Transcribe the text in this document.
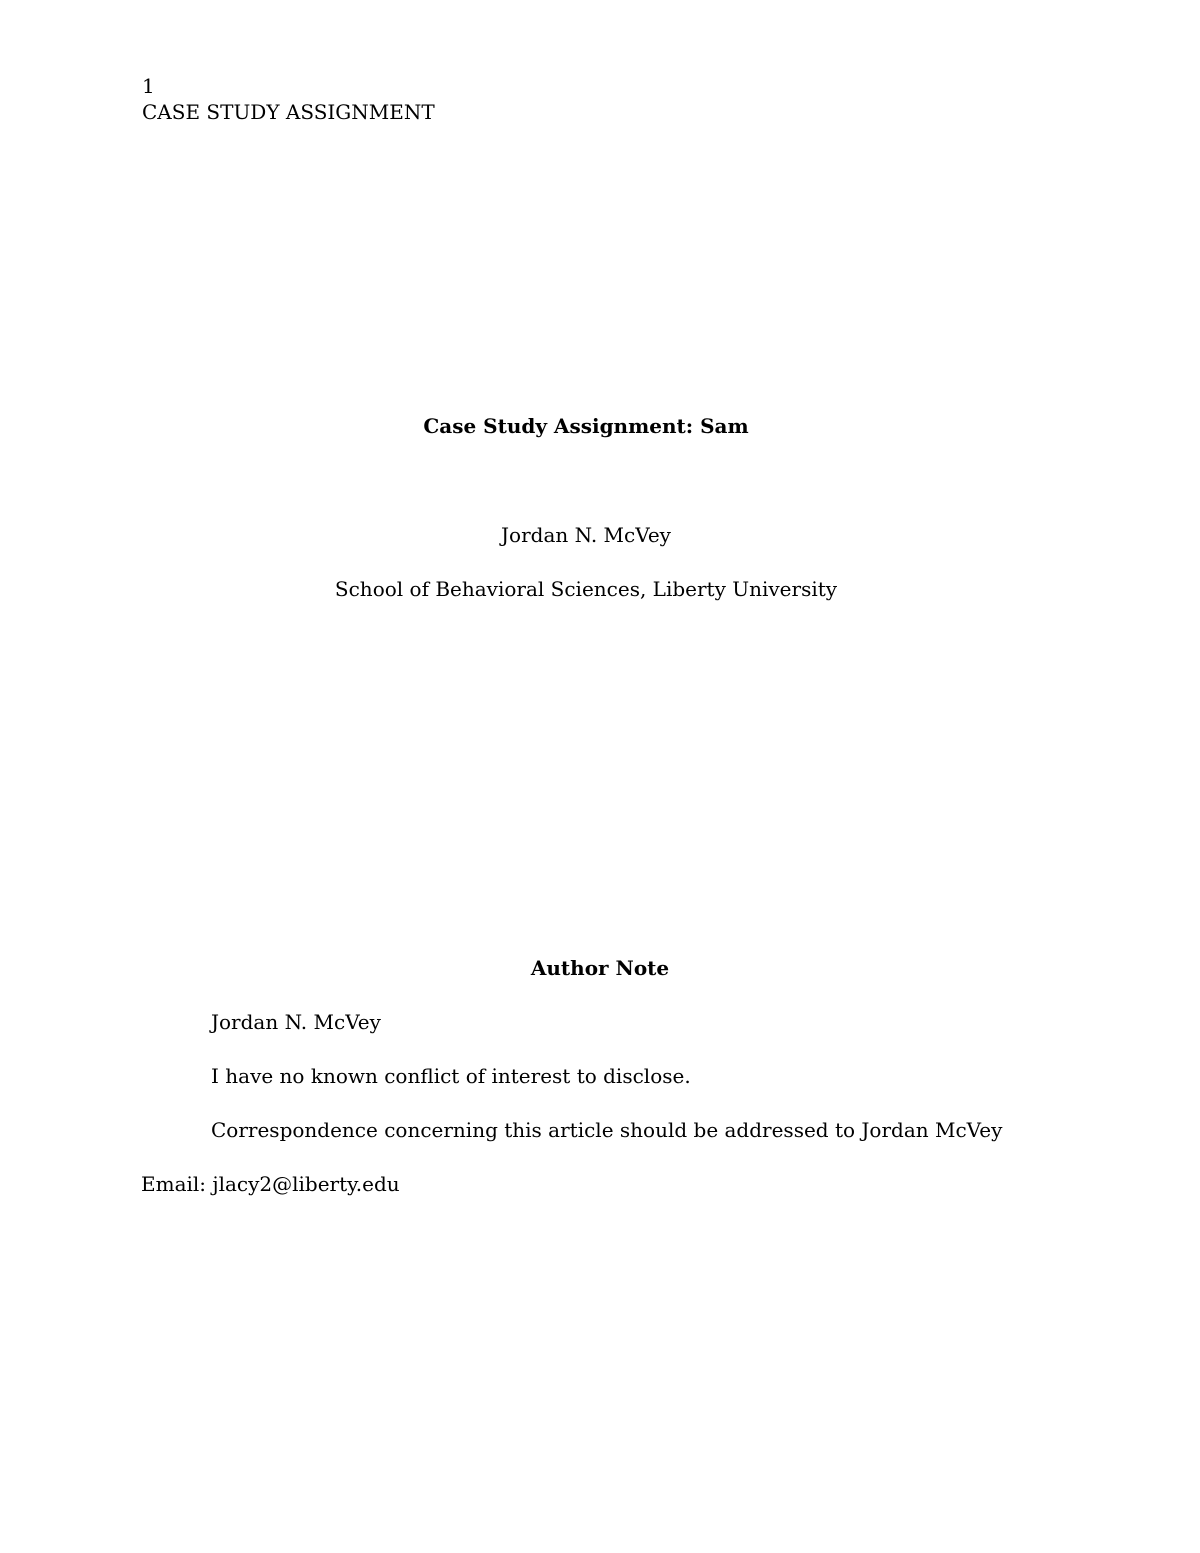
1
CASE STUDY ASSIGNMENT
Case Study Assignment: Sam
Jordan N. McVey
School of Behavioral Sciences, Liberty University
Author Note
Jordan N. McVey
I have no known conflict of interest to disclose.
Correspondence concerning this article should be addressed to Jordan McVey
Email: jlacy2@liberty.edu
